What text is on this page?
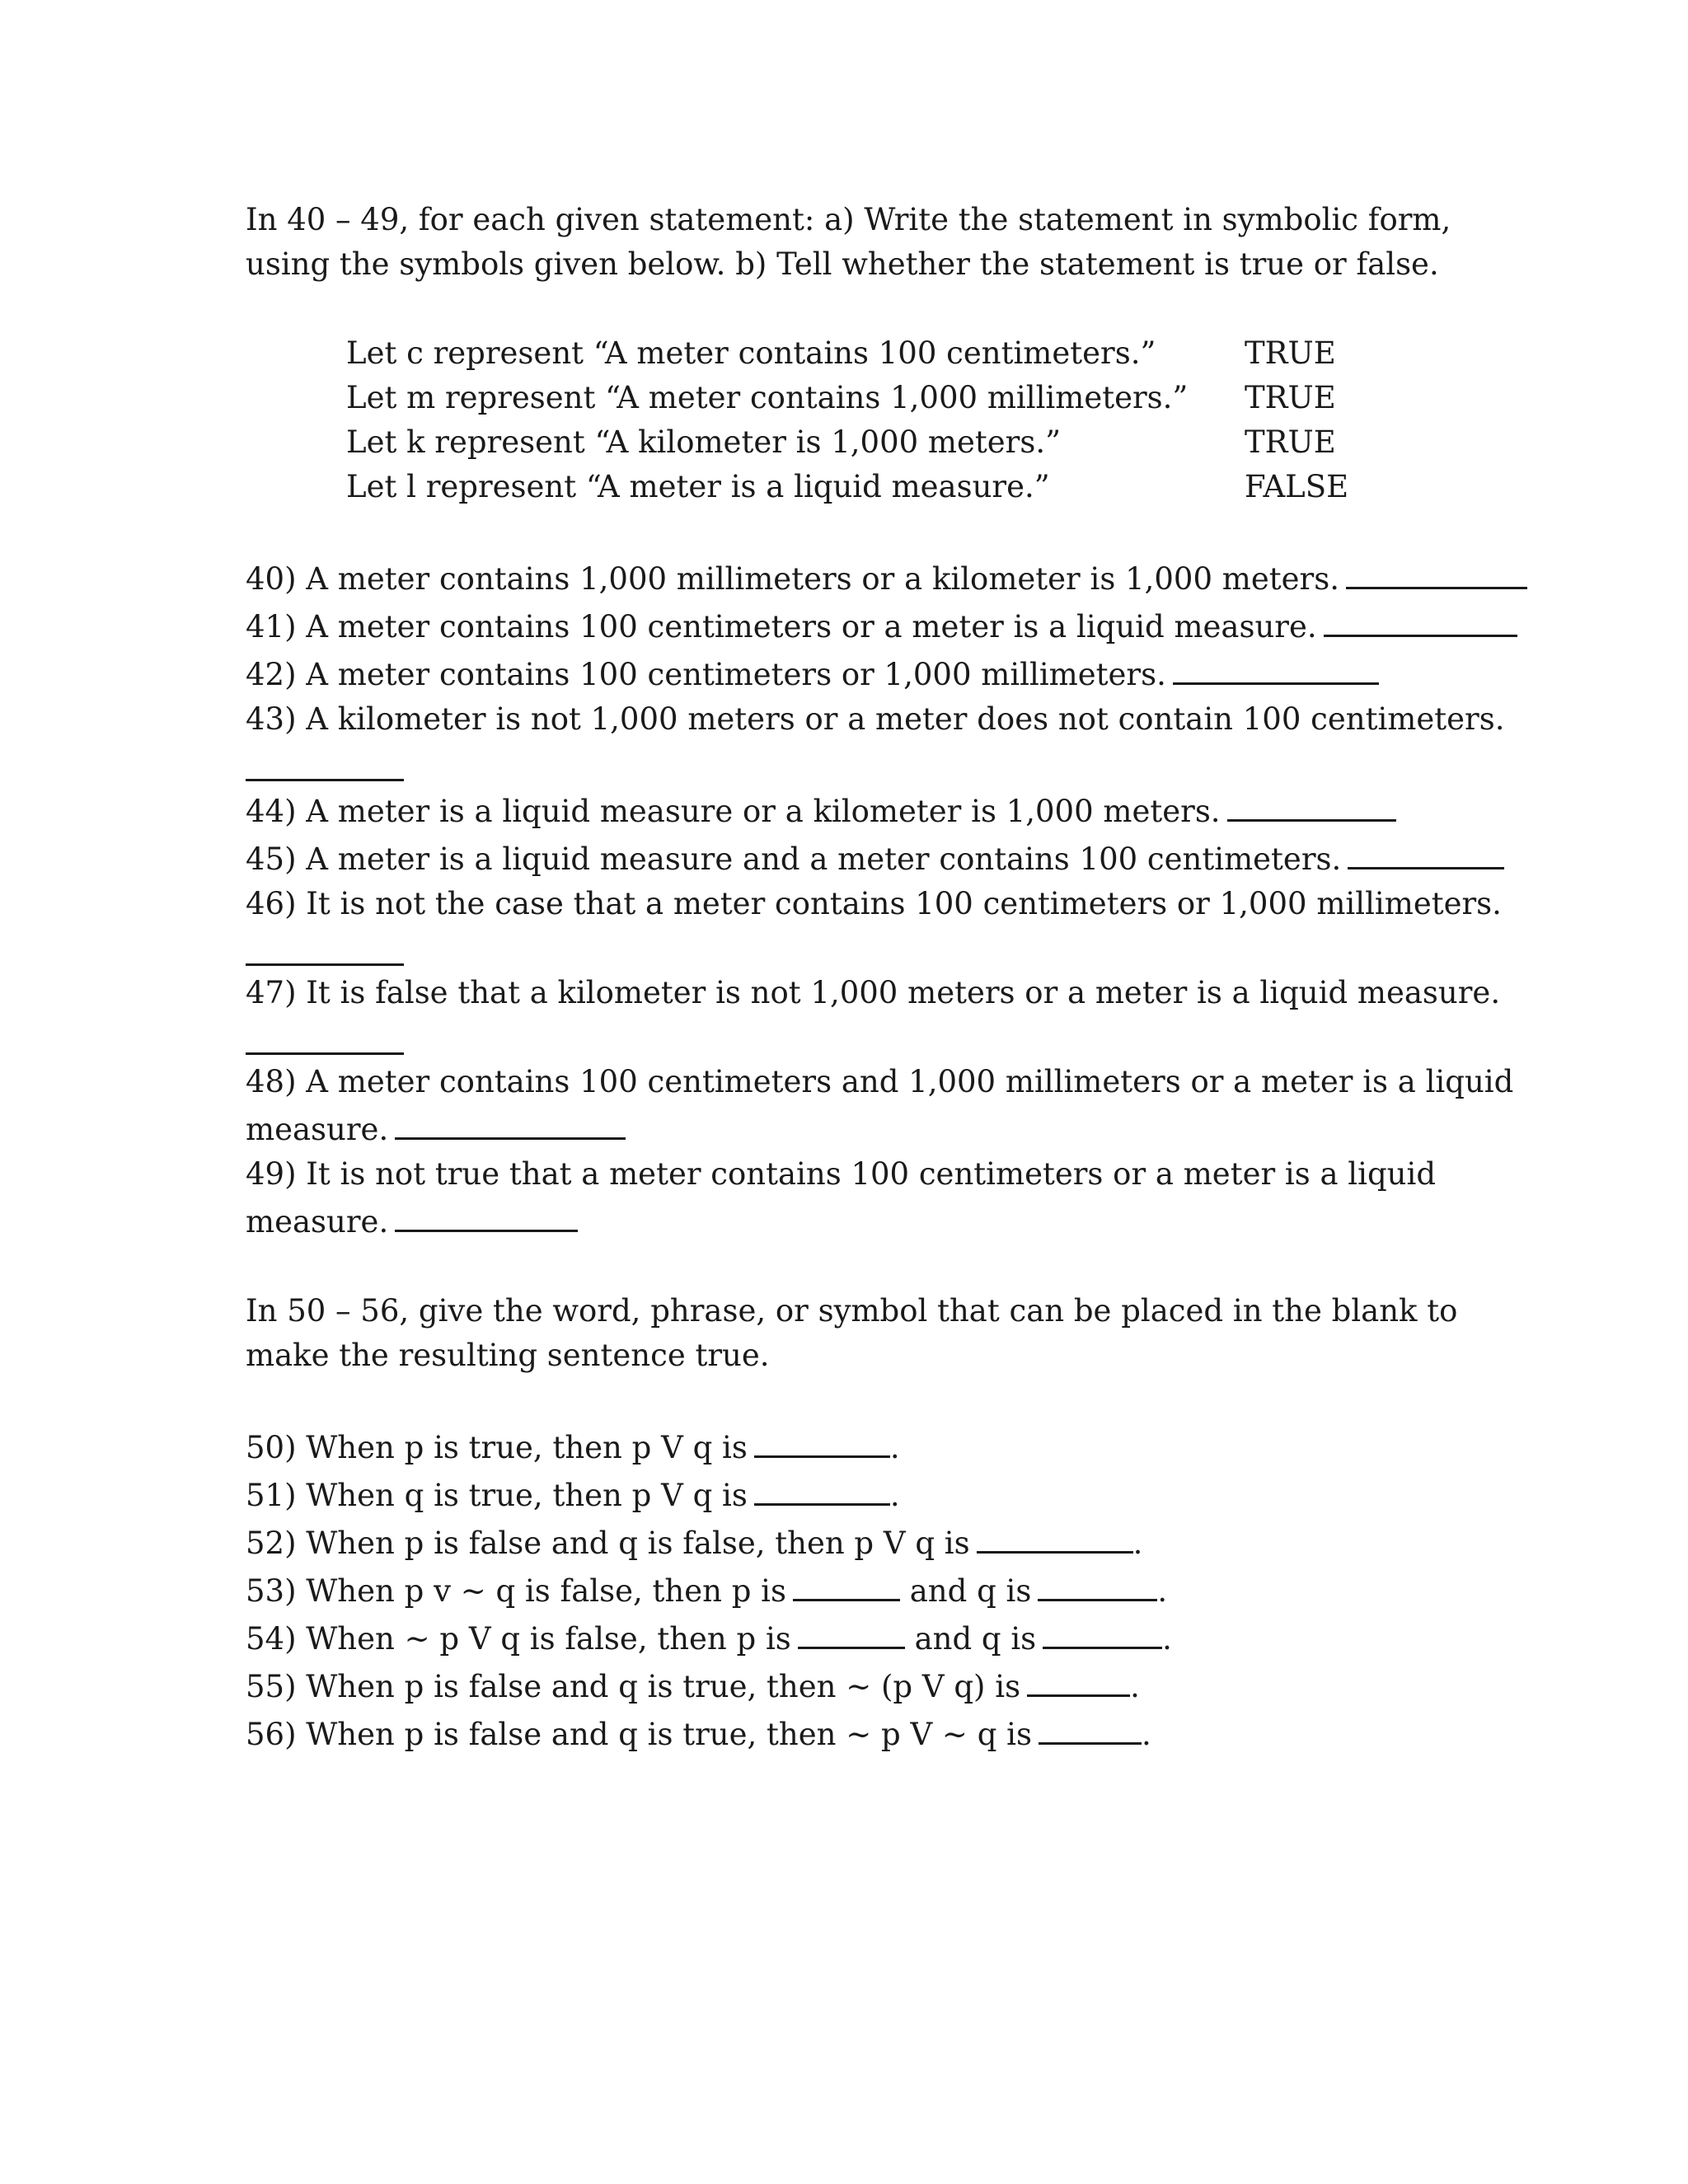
In 40 – 49, for each given statement: a) Write the statement in symbolic form, using the symbols given below. b) Tell whether the statement is true or false.

Let c represent “A meter contains 100 centimeters.”	TRUE
Let m represent “A meter contains 1,000 millimeters.” TRUE
Let k represent “A kilometer is 1,000 meters.”	TRUE
Let l represent “A meter is a liquid measure.”	FALSE

40) A meter contains 1,000 millimeters or a kilometer is 1,000 meters.

41) A meter contains 100 centimeters or a meter is a liquid measure.

42) A meter contains 100 centimeters or 1,000 millimeters.

43) A kilometer is not 1,000 meters or a meter does not contain 100 centimeters.

44) A meter is a liquid measure or a kilometer is 1,000 meters.

45) A meter is a liquid measure and a meter contains 100 centimeters.

46) It is not the case that a meter contains 100 centimeters or 1,000 millimeters.

47) It is false that a kilometer is not 1,000 meters or a meter is a liquid measure.

48) A meter contains 100 centimeters and 1,000 millimeters or a meter is a liquid

measure.

49) It is not true that a meter contains 100 centimeters or a meter is a liquid

measure.

In 50 – 56, give the word, phrase, or symbol that can be placed in the blank to make the resulting sentence true.

50) When p is true, then p V q is	.

51) When q is true, then p V q is	.

52) When p is false and q is false, then p V q is	.

53) When p v ~ q is false, then p is	and q is	.

54) When ~ p V q is false, then p is	and q is	.

55) When p is false and q is true, then ~ (p V q) is	.

56) When p is false and q is true, then ~ p V ~ q is	.
